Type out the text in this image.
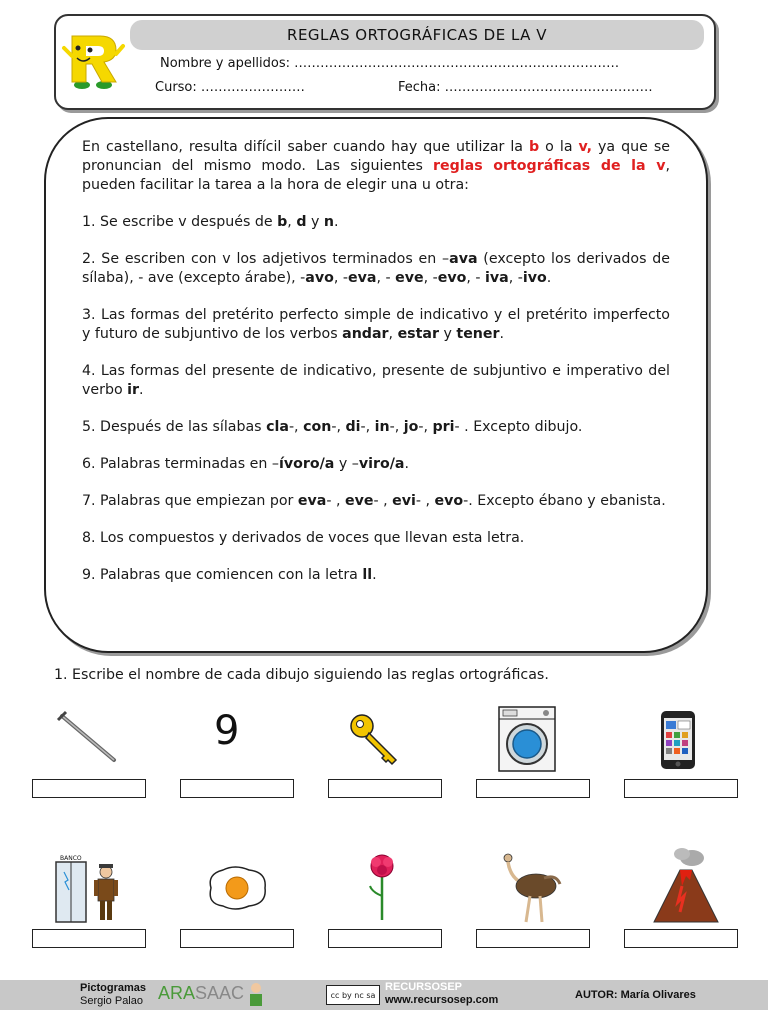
REGLAS ORTOGRÁFICAS DE LA V
Nombre y apellidos: …………………………………………………………………
Curso: ……………………	Fecha: …………………………………………

En castellano, resulta difícil saber cuando hay que utilizar la b o la v, ya que se pronuncian del mismo modo. Las siguientes reglas ortográficas de la v, pueden facilitar la tarea a la hora de elegir una u otra:

1. Se escribe v después de b, d y n.

2. Se escriben con v los adjetivos terminados en –ava (excepto los derivados de sílaba), - ave (excepto árabe), -avo, -eva, - eve, -evo, - iva, -ivo.

3. Las formas del pretérito perfecto simple de indicativo y el pretérito imperfecto y futuro de subjuntivo de los verbos andar, estar y tener.

4. Las formas del presente de indicativo, presente de subjuntivo e imperativo del verbo ir.

5. Después de las sílabas cla-, con-, di-, in-, jo-, pri- . Excepto dibujo.

6. Palabras terminadas en –ívoro/a y –viro/a.

7. Palabras que empiezan por eva- , eve- , evi- , evo-. Excepto ébano y ebanista.

8. Los compuestos y derivados de voces que llevan esta letra.

9. Palabras que comiencen con la letra ll.

1. Escribe el nombre de cada dibujo siguiendo las reglas ortográficas.
9
BANCO
Pictogramas
Sergio Palao ARASAAC	cc by nc sa
RECURSOSEP
www.recursosep.com	AUTOR: María Olivares
